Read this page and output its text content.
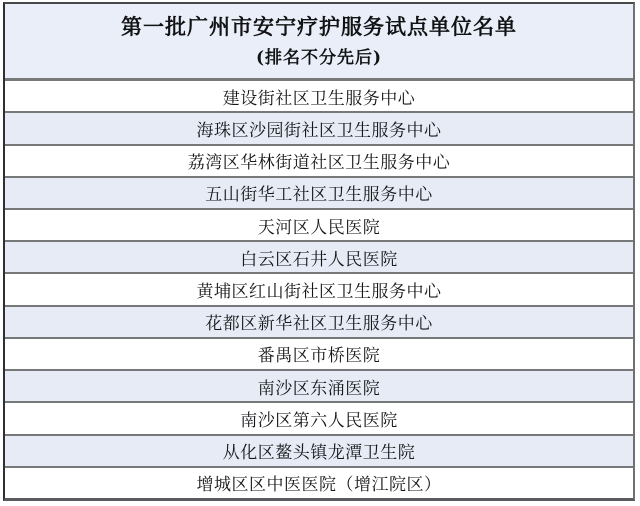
第一批广州市安宁疗护服务试点单位名单
(排名不分先后)
建设街社区卫生服务中心
海珠区沙园街社区卫生服务中心
荔湾区华林街道社区卫生服务中心
五山街华工社区卫生服务中心
天河区人民医院
白云区石井人民医院
黄埔区红山街社区卫生服务中心
花都区新华社区卫生服务中心
番禺区市桥医院
南沙区东涌医院
南沙区第六人民医院
从化区鳌头镇龙潭卫生院
增城区区中医医院（增江院区）
